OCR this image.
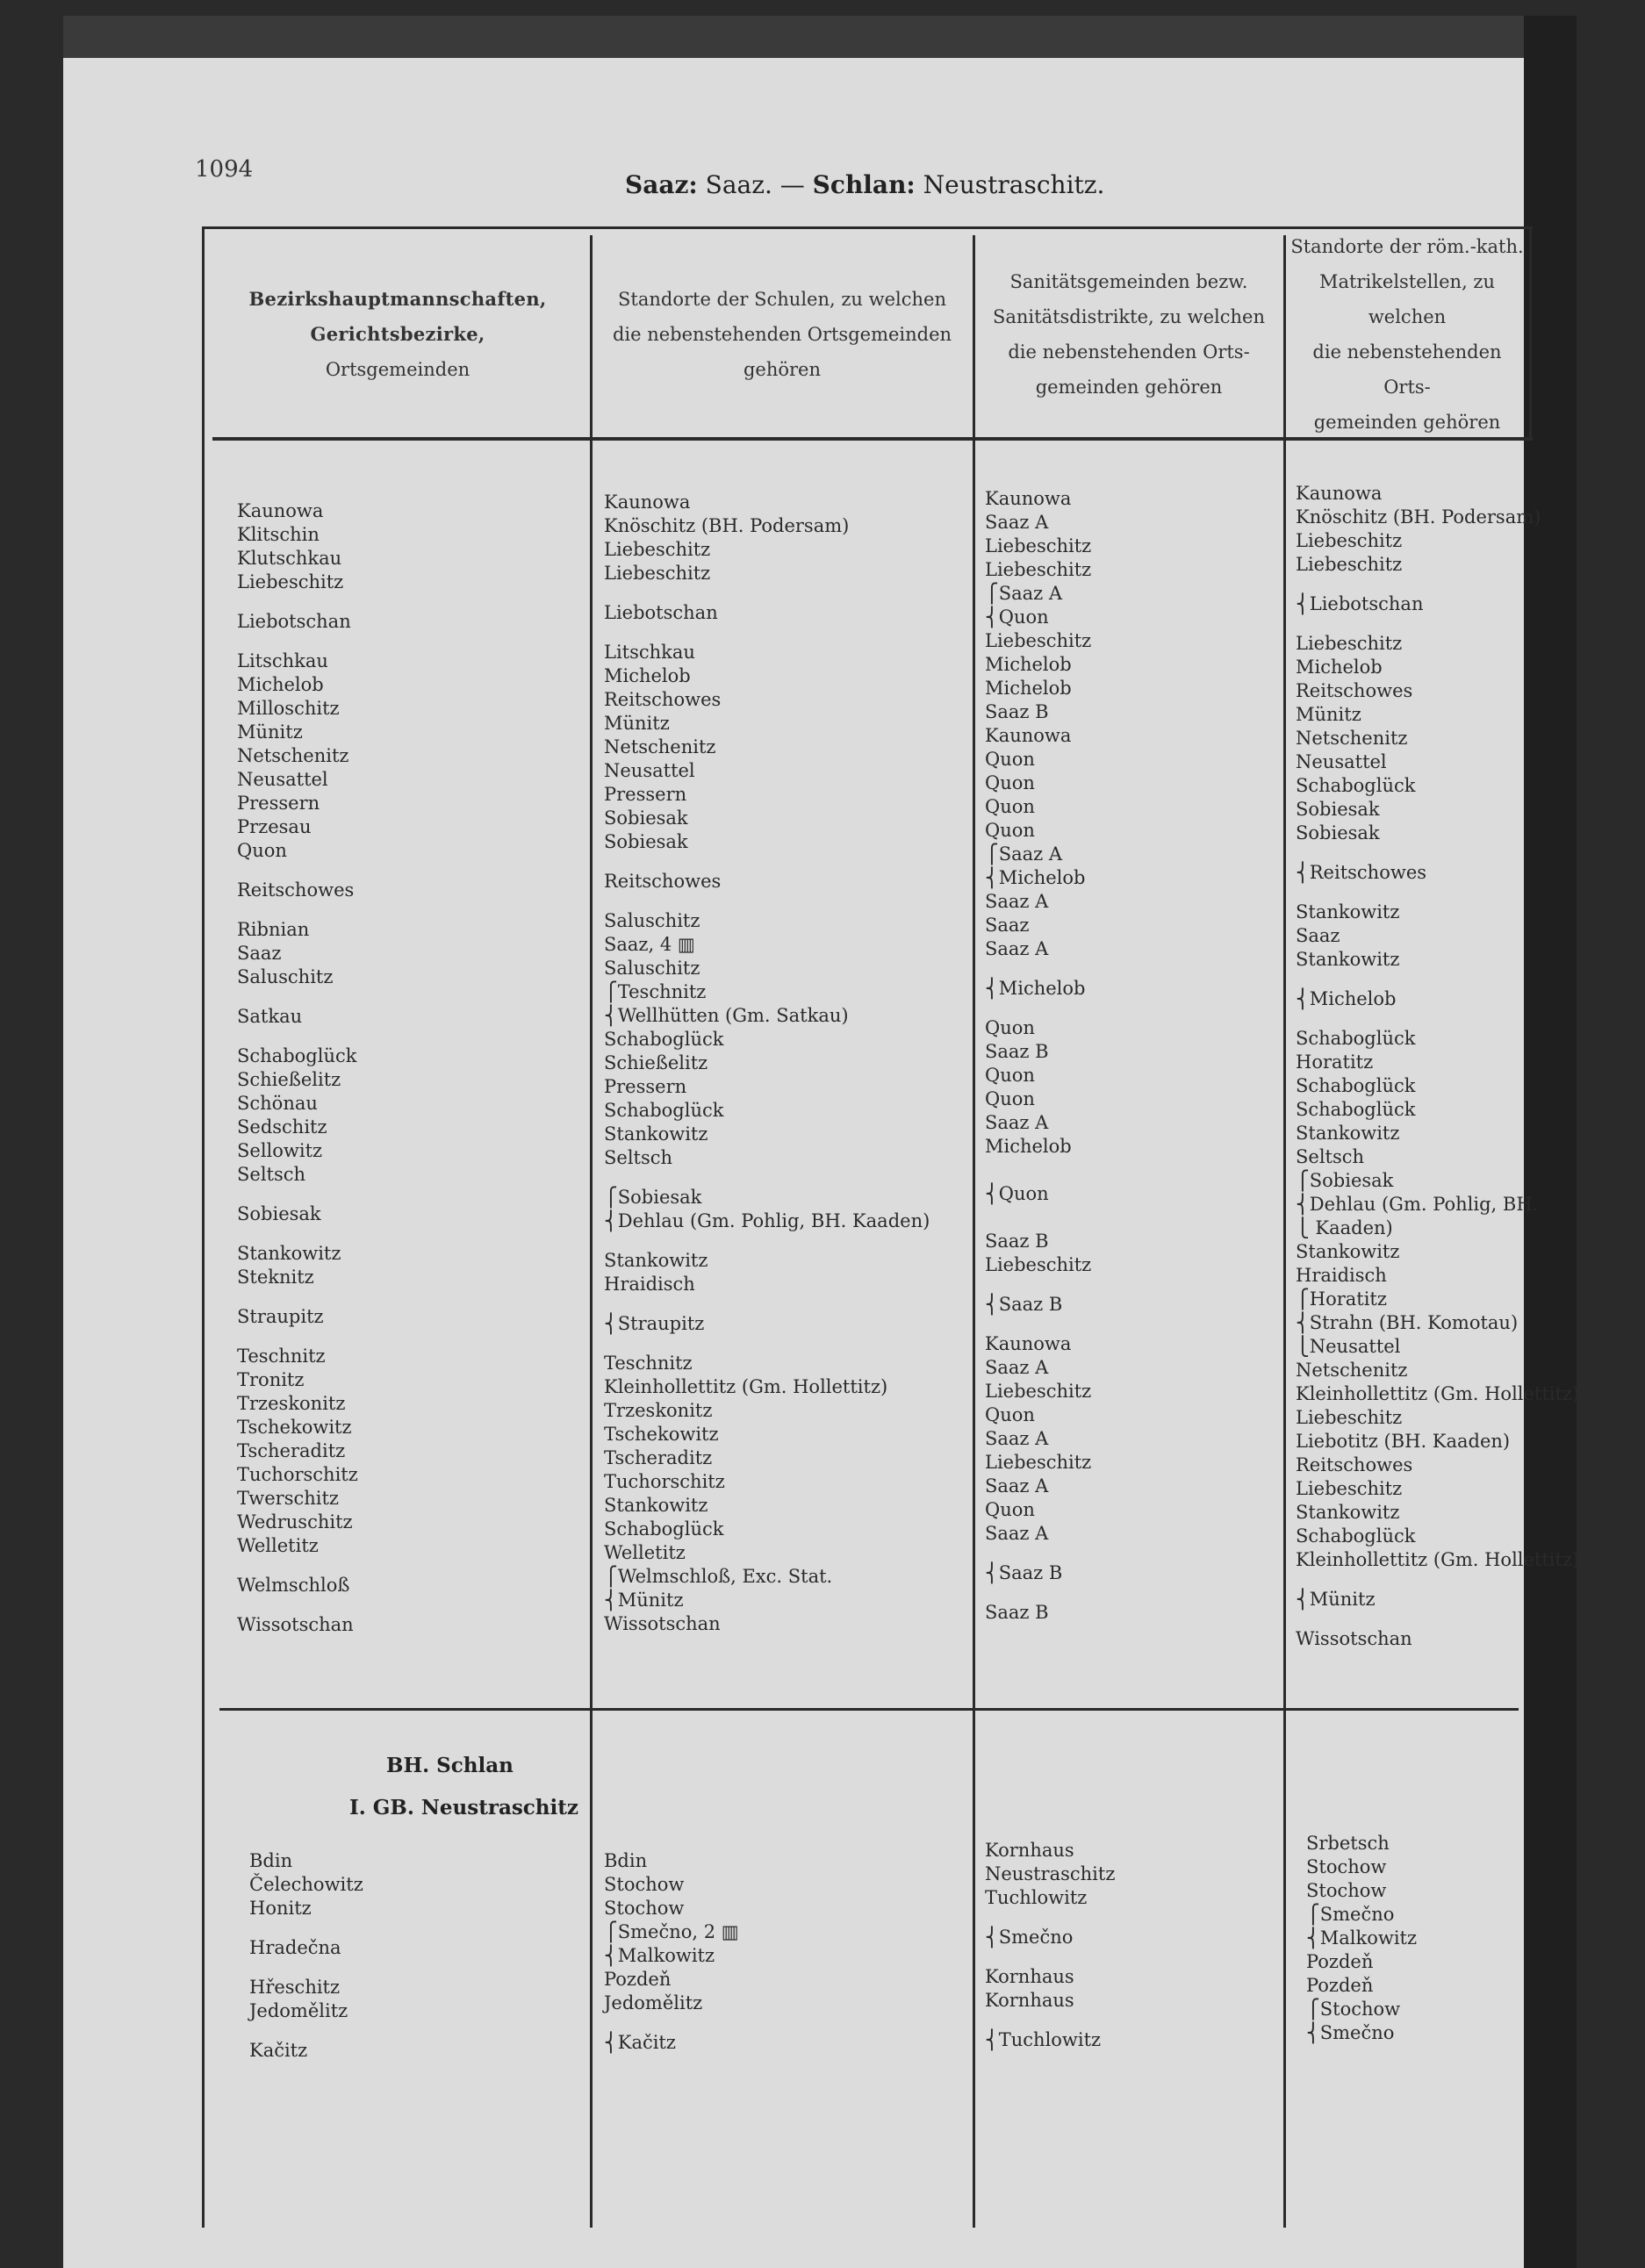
1094
Saaz: Saaz. — Schlan: Neustraschitz.
Bezirkshauptmannschaften,
Gerichtsbezirke,
Ortsgemeinden
Standorte der Schulen, zu welchen
die nebenstehenden Ortsgemeinden
gehören
Sanitätsgemeinden bezw.
Sanitätsdistrikte, zu welchen
die nebenstehenden Orts-
gemeinden gehören
Standorte der röm.-kath.
Matrikelstellen, zu welchen
die nebenstehenden Orts-
gemeinden gehören
Kaunowa
Klitschin
Klutschkau
Liebeschitz
Liebotschan
Litschkau
Michelob
Milloschitz
Münitz
Netschenitz
Neusattel
Pressern
Przesau
Quon
Reitschowes
Ribnian
Saaz
Saluschitz
Satkau
Schaboglück
Schießelitz
Schönau
Sedschitz
Sellowitz
Seltsch
Sobiesak
Stankowitz
Steknitz
Straupitz
Teschnitz
Tronitz
Trzeskonitz
Tschekowitz
Tscheraditz
Tuchorschitz
Twerschitz
Wedruschitz
Welletitz
Welmschloß
Wissotschan
Kaunowa
Knöschitz (BH. Podersam)
Liebeschitz
Liebeschitz
Liebotschan
Litschkau
Michelob
Reitschowes
Münitz
Netschenitz
Neusattel
Pressern
Sobiesak
Sobiesak
Reitschowes
Saluschitz
Saaz, 4 ▥
Saluschitz
⎧Teschnitz
⎨Wellhütten (Gm. Satkau)
Schaboglück
Schießelitz
Pressern
Schaboglück
Stankowitz
Seltsch
⎧Sobiesak
⎨Dehlau (Gm. Pohlig, BH. Kaaden)
Stankowitz
Hraidisch
⎨Straupitz
Teschnitz
Kleinhollettitz (Gm. Hollettitz)
Trzeskonitz
Tschekowitz
Tscheraditz
Tuchorschitz
Stankowitz
Schaboglück
Welletitz
⎧Welmschloß, Exc. Stat.
⎨Münitz
Wissotschan
Kaunowa
Saaz A
Liebeschitz
Liebeschitz
⎧Saaz A
⎨Quon
Liebeschitz
Michelob
Michelob
Saaz B
Kaunowa
Quon
Quon
Quon
Quon
⎧Saaz A
⎨Michelob
Saaz A
Saaz
Saaz A
⎨Michelob
Quon
Saaz B
Quon
Quon
Saaz A
Michelob
⎨Quon
Saaz B
Liebeschitz
⎨Saaz B
Kaunowa
Saaz A
Liebeschitz
Quon
Saaz A
Liebeschitz
Saaz A
Quon
Saaz A
⎨Saaz B
Saaz B
Kaunowa
Knöschitz (BH. Podersam)
Liebeschitz
Liebeschitz
⎨Liebotschan
Liebeschitz
Michelob
Reitschowes
Münitz
Netschenitz
Neusattel
Schaboglück
Sobiesak
Sobiesak
⎨Reitschowes
Stankowitz
Saaz
Stankowitz
⎨Michelob
Schaboglück
Horatitz
Schaboglück
Schaboglück
Stankowitz
Seltsch
⎧Sobiesak
⎨Dehlau (Gm. Pohlig, BH.
⎩ Kaaden)
Stankowitz
Hraidisch
⎧Horatitz
⎨Strahn (BH. Komotau)
⎩Neusattel
Netschenitz
Kleinhollettitz (Gm. Hollettitz)
Liebeschitz
Liebotitz (BH. Kaaden)
Reitschowes
Liebeschitz
Stankowitz
Schaboglück
Kleinhollettitz (Gm. Hollettitz)
⎨Münitz
Wissotschan
BH. Schlan
I. GB. Neustraschitz
Bdin
Čelechowitz
Honitz
Hradečna
Hřeschitz
Jedomělitz
Kačitz
Bdin
Stochow
Stochow
⎧Smečno, 2 ▥
⎨Malkowitz
Pozdeň
Jedomělitz
⎨Kačitz
Kornhaus
Neustraschitz
Tuchlowitz
⎨Smečno
Kornhaus
Kornhaus
⎨Tuchlowitz
Srbetsch
Stochow
Stochow
⎧Smečno
⎨Malkowitz
Pozdeň
Pozdeň
⎧Stochow
⎨Smečno
